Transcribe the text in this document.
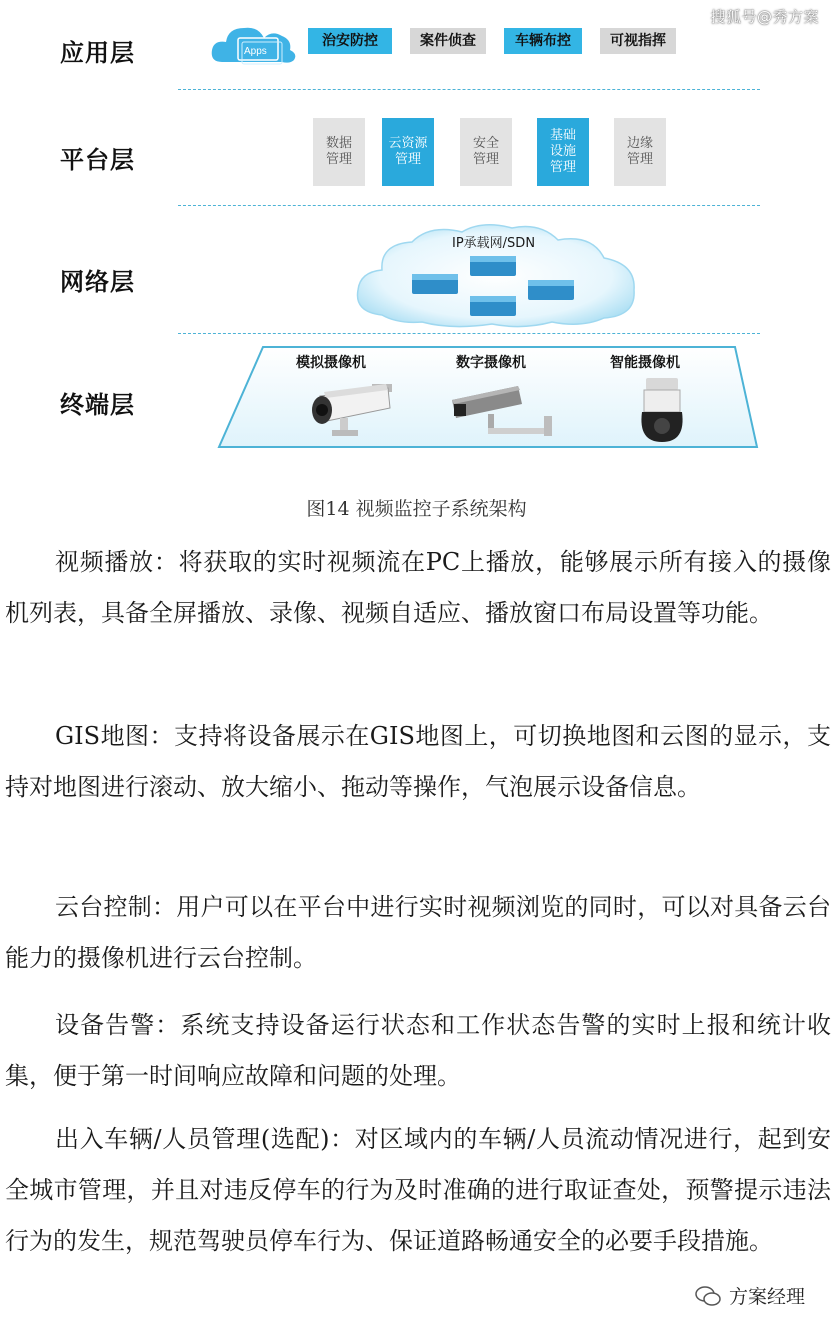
搜狐号@秀方案
应用层
平台层
网络层
终端层
Apps
治安防控	案件侦查	车辆布控	可视指挥
数据
管理
云资源
管理
安全
管理
基础
设施
管理
边缘
管理
IP承载网/SDN
模拟摄像机	数字摄像机	智能摄像机
图14 视频监控子系统架构
视频播放：将获取的实时视频流在PC上播放，能够展示所有接入的摄像机列表，具备全屏播放、录像、视频自适应、播放窗口布局设置等功能。
GIS地图：支持将设备展示在GIS地图上，可切换地图和云图的显示，支持对地图进行滚动、放大缩小、拖动等操作，气泡展示设备信息。
云台控制：用户可以在平台中进行实时视频浏览的同时，可以对具备云台能力的摄像机进行云台控制。
设备告警：系统支持设备运行状态和工作状态告警的实时上报和统计收集，便于第一时间响应故障和问题的处理。
出入车辆/人员管理(选配)：对区域内的车辆/人员流动情况进行，起到安全城市管理，并且对违反停车的行为及时准确的进行取证查处，预警提示违法行为的发生，规范驾驶员停车行为、保证道路畅通安全的必要手段措施。
方案经理
